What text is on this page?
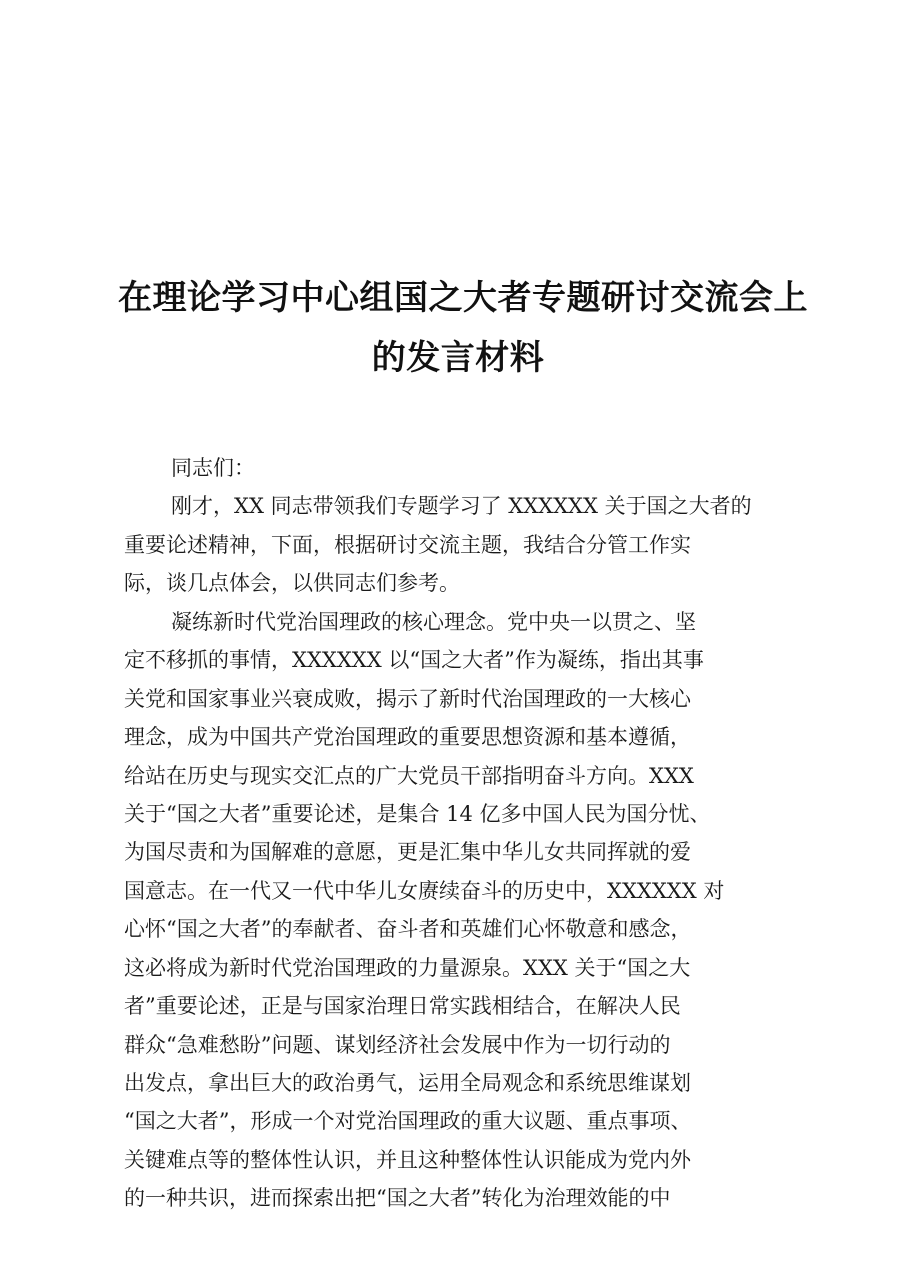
在理论学习中心组国之大者专题研讨交流会上
的发言材料
同志们：
刚才，XX 同志带领我们专题学习了 XXXXXX 关于国之大者的
重要论述精神，下面，根据研讨交流主题，我结合分管工作实
际，谈几点体会，以供同志们参考。
凝练新时代党治国理政的核心理念。党中央一以贯之、坚
定不移抓的事情，XXXXXX 以“国之大者”作为凝练，指出其事
关党和国家事业兴衰成败，揭示了新时代治国理政的一大核心
理念，成为中国共产党治国理政的重要思想资源和基本遵循，
给站在历史与现实交汇点的广大党员干部指明奋斗方向。XXX
关于“国之大者”重要论述，是集合 14 亿多中国人民为国分忧、
为国尽责和为国解难的意愿，更是汇集中华儿女共同挥就的爱
国意志。在一代又一代中华儿女赓续奋斗的历史中，XXXXXX 对
心怀“国之大者”的奉献者、奋斗者和英雄们心怀敬意和感念，
这必将成为新时代党治国理政的力量源泉。XXX 关于“国之大
者”重要论述，正是与国家治理日常实践相结合，在解决人民
群众“急难愁盼”问题、谋划经济社会发展中作为一切行动的
出发点，拿出巨大的政治勇气，运用全局观念和系统思维谋划
“国之大者”，形成一个对党治国理政的重大议题、重点事项、
关键难点等的整体性认识，并且这种整体性认识能成为党内外
的一种共识，进而探索出把“国之大者”转化为治理效能的中
